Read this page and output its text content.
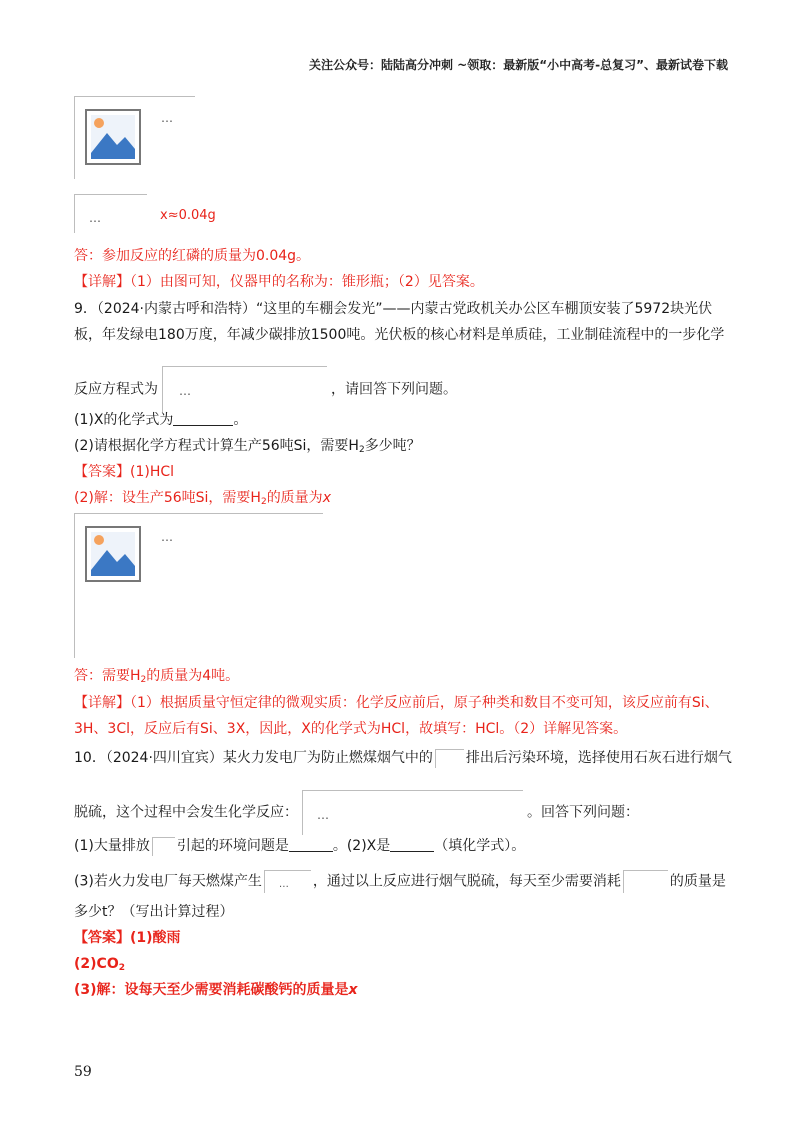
关注公众号：陆陆高分冲刺 ~领取：最新版“小中高考-总复习”、最新试卷下载
…
…	x≈0.04g
答：参加反应的红磷的质量为0.04g。
【详解】（1）由图可知，仪器甲的名称为：锥形瓶；（2）见答案。
9．（2024·内蒙古呼和浩特）“这里的车棚会发光”——内蒙古党政机关办公区车棚顶安装了5972块光伏
板，年发绿电180万度，年减少碳排放1500吨。光伏板的核心材料是单质硅，工业制硅流程中的一步化学
反应方程式为 …	，请回答下列问题。
(1)X的化学式为	。
(2)请根据化学方程式计算生产56吨Si，需要$H_2$多少吨？
【答案】(1)HCl
(2)解：设生产56吨Si，需要$H_2$的质量为x
…
答：需要$H_2$的质量为4吨。
【详解】（1）根据质量守恒定律的微观实质：化学反应前后，原子种类和数目不变可知，该反应前有Si、
3H、3Cl，反应后有Si、3X，因此，X的化学式为HCl，故填写：HCl。（2）详解见答案。
10．（2024·四川宜宾）某火力发电厂为防止燃煤烟气中的 排出后污染环境，选择使用石灰石进行烟气
脱硫，这个过程中会发生化学反应： …	。回答下列问题：
(1)大量排放 引起的环境问题是	。(2)X是	（填化学式）。
(3)若火力发电厂每天燃煤产生 … ，通过以上反应进行烟气脱硫，每天至少需要消耗	的质量是
多少t？（写出计算过程）
【答案】(1)酸雨
$(2)CO_2$
(3)解：设每天至少需要消耗碳酸钙的质量是x
59
